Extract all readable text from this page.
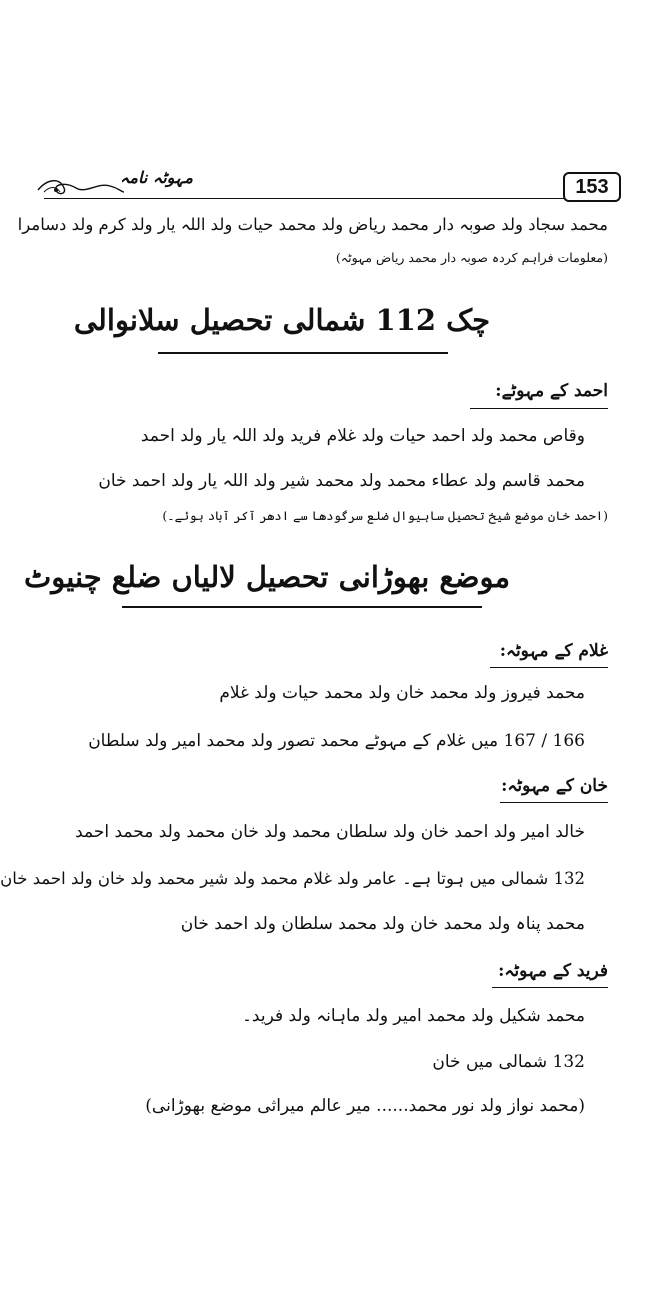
153
مہوٹہ نامہ
محمد سجاد ولد صوبہ دار محمد ریاض ولد محمد حیات ولد اللہ یار ولد کرم ولد دسامرا
(معلومات فراہم کردہ صوبہ دار محمد ریاض مہوٹہ)
چک 112 شمالی تحصیل سلانوالی
احمد کے مہوٹے:
وقاص محمد ولد احمد حیات ولد غلام فرید ولد اللہ یار ولد احمد
محمد قاسم ولد عطاء محمد ولد محمد شیر ولد اللہ یار ولد احمد خان
(احمد خان موضع شیخ تحصیل ساہیوال ضلع سرگودھا سے ادھر آکر آباد ہوئے۔)
موضع بھوڑانی تحصیل لالیاں ضلع چنیوٹ
غلام کے مہوٹہ:
محمد فیروز ولد محمد خان ولد محمد حیات ولد غلام
166 / 167 میں غلام کے مہوٹے محمد تصور ولد محمد امیر ولد سلطان
خان کے مہوٹہ:
خالد امیر ولد احمد خان ولد سلطان محمد ولد خان محمد ولد محمد احمد
132 شمالی میں ہوتا ہے۔ عامر ولد غلام محمد ولد شیر محمد ولد خان ولد احمد خان
محمد پناہ ولد محمد خان ولد محمد سلطان ولد احمد خان
فرید کے مہوٹہ:
محمد شکیل ولد محمد امیر ولد ماہانہ ولد فرید۔
132 شمالی میں خان
(محمد نواز ولد نور محمد...... میر عالم میراثی موضع بھوڑانی)
